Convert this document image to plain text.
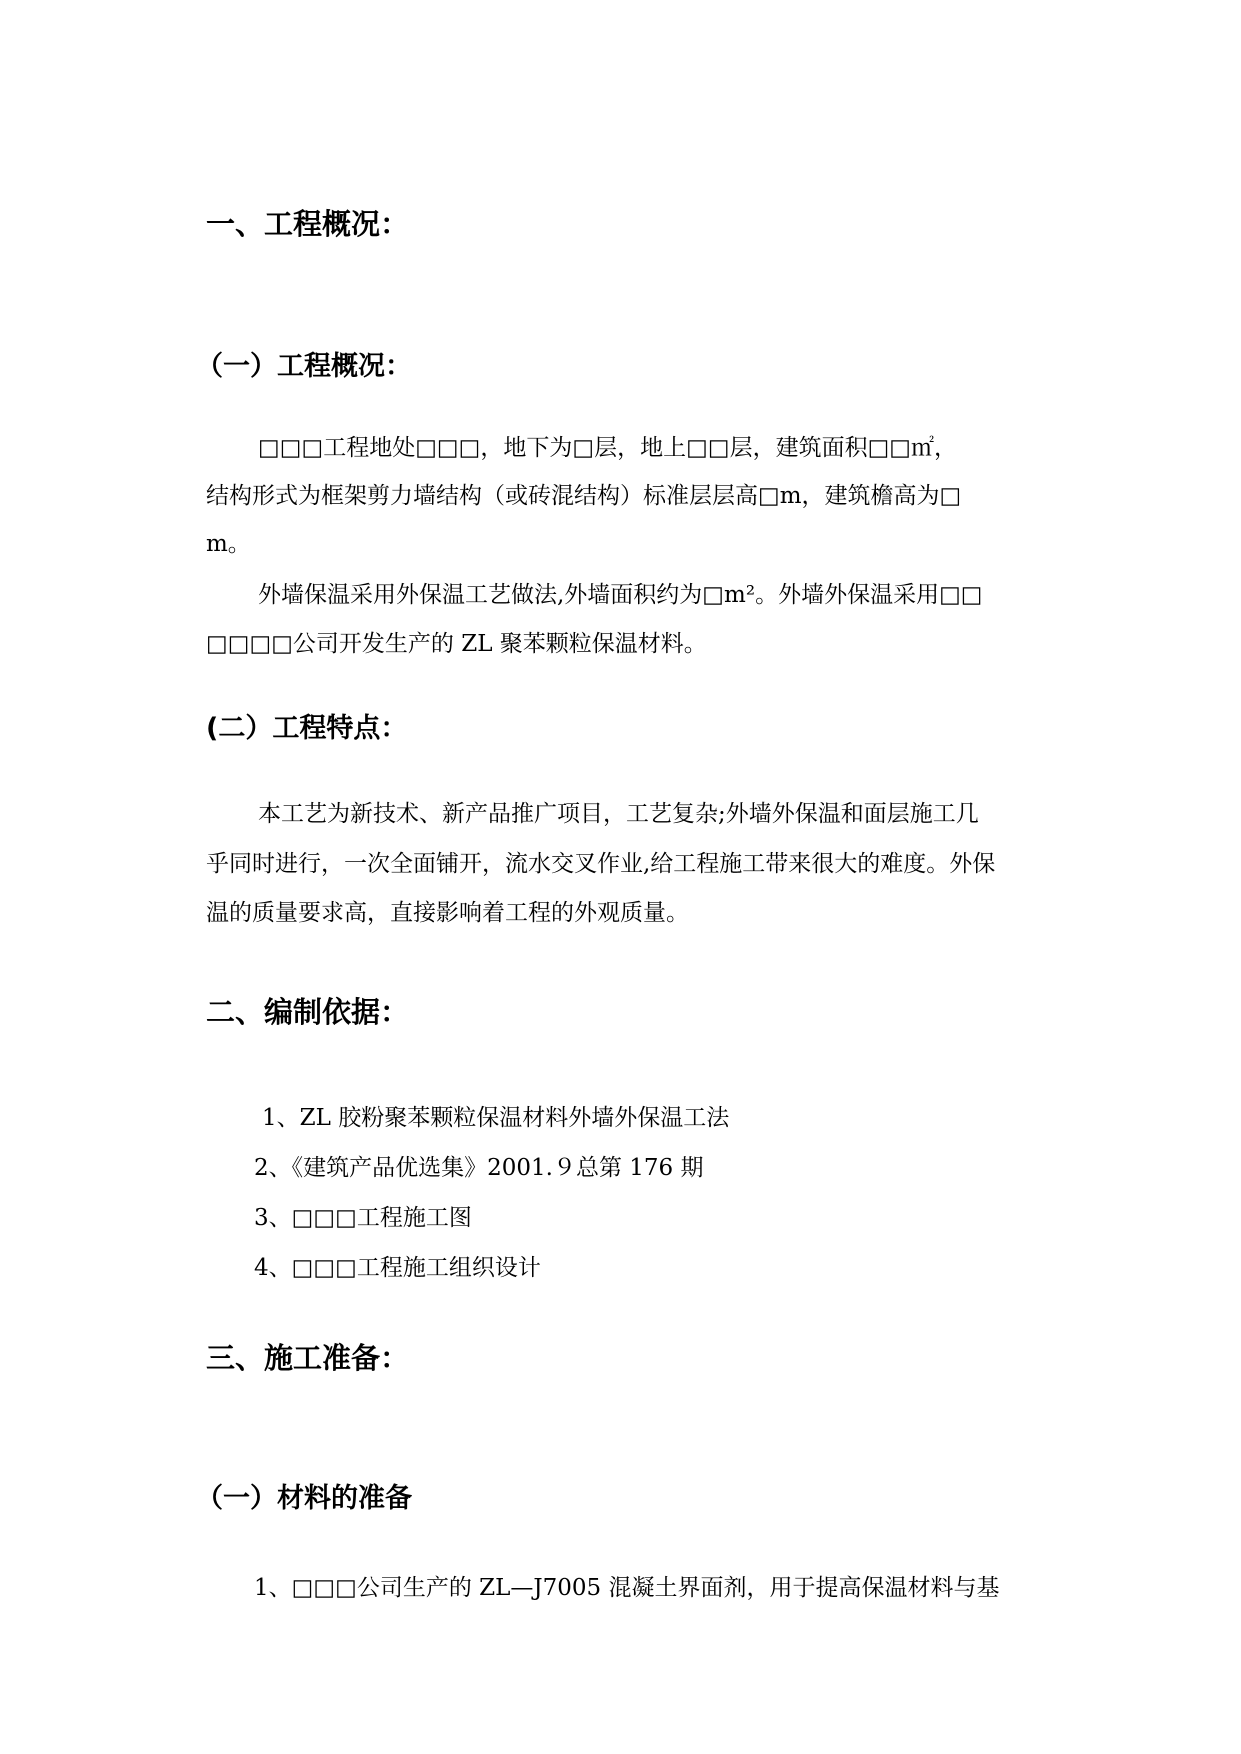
一、工程概况：
（一）工程概况：
□□□工程地处□□□，地下为□层，地上□□层，建筑面积□□㎡，
结构形式为框架剪力墙结构（或砖混结构）标准层层高□m，建筑檐高为□
m。
外墙保温采用外保温工艺做法,外墙面积约为□m²。外墙外保温采用□□
□□□□公司开发生产的 ZL 聚苯颗粒保温材料。
(二）工程特点：
本工艺为新技术、新产品推广项目，工艺复杂;外墙外保温和面层施工几
乎同时进行，一次全面铺开，流水交叉作业,给工程施工带来很大的难度。外保
温的质量要求高，直接影响着工程的外观质量。
二、编制依据：
1、ZL 胶粉聚苯颗粒保温材料外墙外保温工法
2、《建筑产品优选集》2001.９总第 176 期
3、□□□工程施工图
4、□□□工程施工组织设计
三、施工准备：
（一）材料的准备
1、□□□公司生产的 ZL—J7005 混凝土界面剂，用于提高保温材料与基
